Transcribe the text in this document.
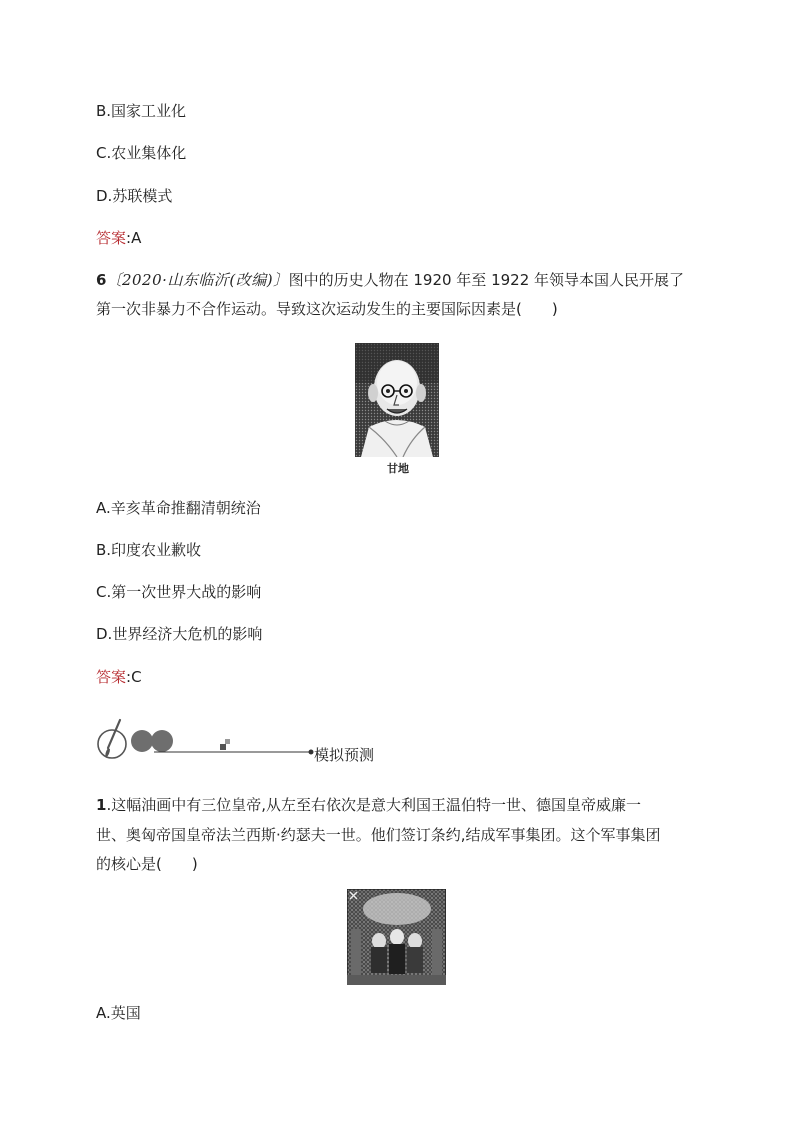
B.国家工业化
C.农业集体化
D.苏联模式
答案:A
6〔2020·山东临沂(改编)〕图中的历史人物在 1920 年至 1922 年领导本国人民开展了
第一次非暴力不合作运动。导致这次运动发生的主要国际因素是(　　)
甘地
A.辛亥革命推翻清朝统治
B.印度农业歉收
C.第一次世界大战的影响
D.世界经济大危机的影响
答案:C
模拟预测
1.这幅油画中有三位皇帝,从左至右依次是意大利国王温伯特一世、德国皇帝威廉一
世、奥匈帝国皇帝法兰西斯·约瑟夫一世。他们签订条约,结成军事集团。这个军事集团
的核心是(　　)
A.英国
